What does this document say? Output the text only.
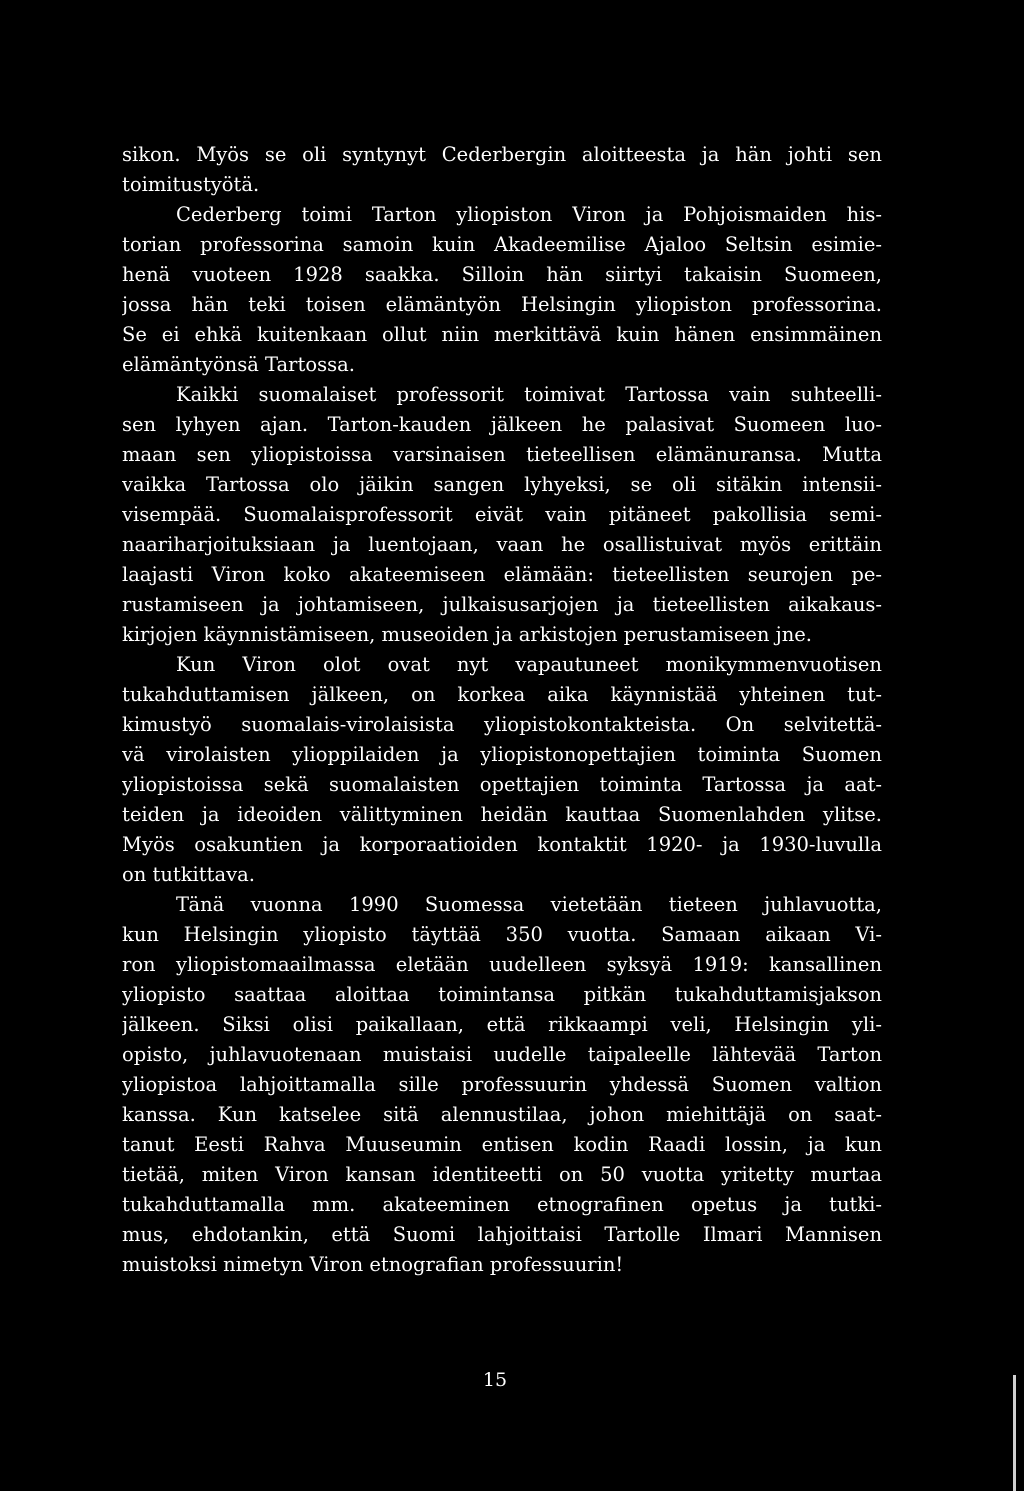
sikon. Myös se oli syntynyt Cederbergin aloitteesta ja hän johti sen
toimitustyötä.
Cederberg toimi Tarton yliopiston Viron ja Pohjoismaiden his-
torian professorina samoin kuin Akadeemilise Ajaloo Seltsin esimie-
henä vuoteen 1928 saakka. Silloin hän siirtyi takaisin Suomeen,
jossa hän teki toisen elämäntyön Helsingin yliopiston professorina.
Se ei ehkä kuitenkaan ollut niin merkittävä kuin hänen ensimmäinen
elämäntyönsä Tartossa.
Kaikki suomalaiset professorit toimivat Tartossa vain suhteelli-
sen lyhyen ajan. Tarton-kauden jälkeen he palasivat Suomeen luo-
maan sen yliopistoissa varsinaisen tieteellisen elämänuransa. Mutta
vaikka Tartossa olo jäikin sangen lyhyeksi, se oli sitäkin intensii-
visempää. Suomalaisprofessorit eivät vain pitäneet pakollisia semi-
naariharjoituksiaan ja luentojaan, vaan he osallistuivat myös erittäin
laajasti Viron koko akateemiseen elämään: tieteellisten seurojen pe-
rustamiseen ja johtamiseen, julkaisusarjojen ja tieteellisten aikakaus-
kirjojen käynnistämiseen, museoiden ja arkistojen perustamiseen jne.
Kun Viron olot ovat nyt vapautuneet monikymmenvuotisen
tukahduttamisen jälkeen, on korkea aika käynnistää yhteinen tut-
kimustyö suomalais-virolaisista yliopistokontakteista. On selvitettä-
vä virolaisten ylioppilaiden ja yliopistonopettajien toiminta Suomen
yliopistoissa sekä suomalaisten opettajien toiminta Tartossa ja aat-
teiden ja ideoiden välittyminen heidän kauttaa Suomenlahden ylitse.
Myös osakuntien ja korporaatioiden kontaktit 1920- ja 1930-luvulla
on tutkittava.
Tänä vuonna 1990 Suomessa vietetään tieteen juhlavuotta,
kun Helsingin yliopisto täyttää 350 vuotta. Samaan aikaan Vi-
ron yliopistomaailmassa eletään uudelleen syksyä 1919: kansallinen
yliopisto saattaa aloittaa toimintansa pitkän tukahduttamisjakson
jälkeen. Siksi olisi paikallaan, että rikkaampi veli, Helsingin yli-
opisto, juhlavuotenaan muistaisi uudelle taipaleelle lähtevää Tarton
yliopistoa lahjoittamalla sille professuurin yhdessä Suomen valtion
kanssa. Kun katselee sitä alennustilaa, johon miehittäjä on saat-
tanut Eesti Rahva Muuseumin entisen kodin Raadi lossin, ja kun
tietää, miten Viron kansan identiteetti on 50 vuotta yritetty murtaa
tukahduttamalla mm. akateeminen etnografinen opetus ja tutki-
mus, ehdotankin, että Suomi lahjoittaisi Tartolle Ilmari Mannisen
muistoksi nimetyn Viron etnografian professuurin!
15
